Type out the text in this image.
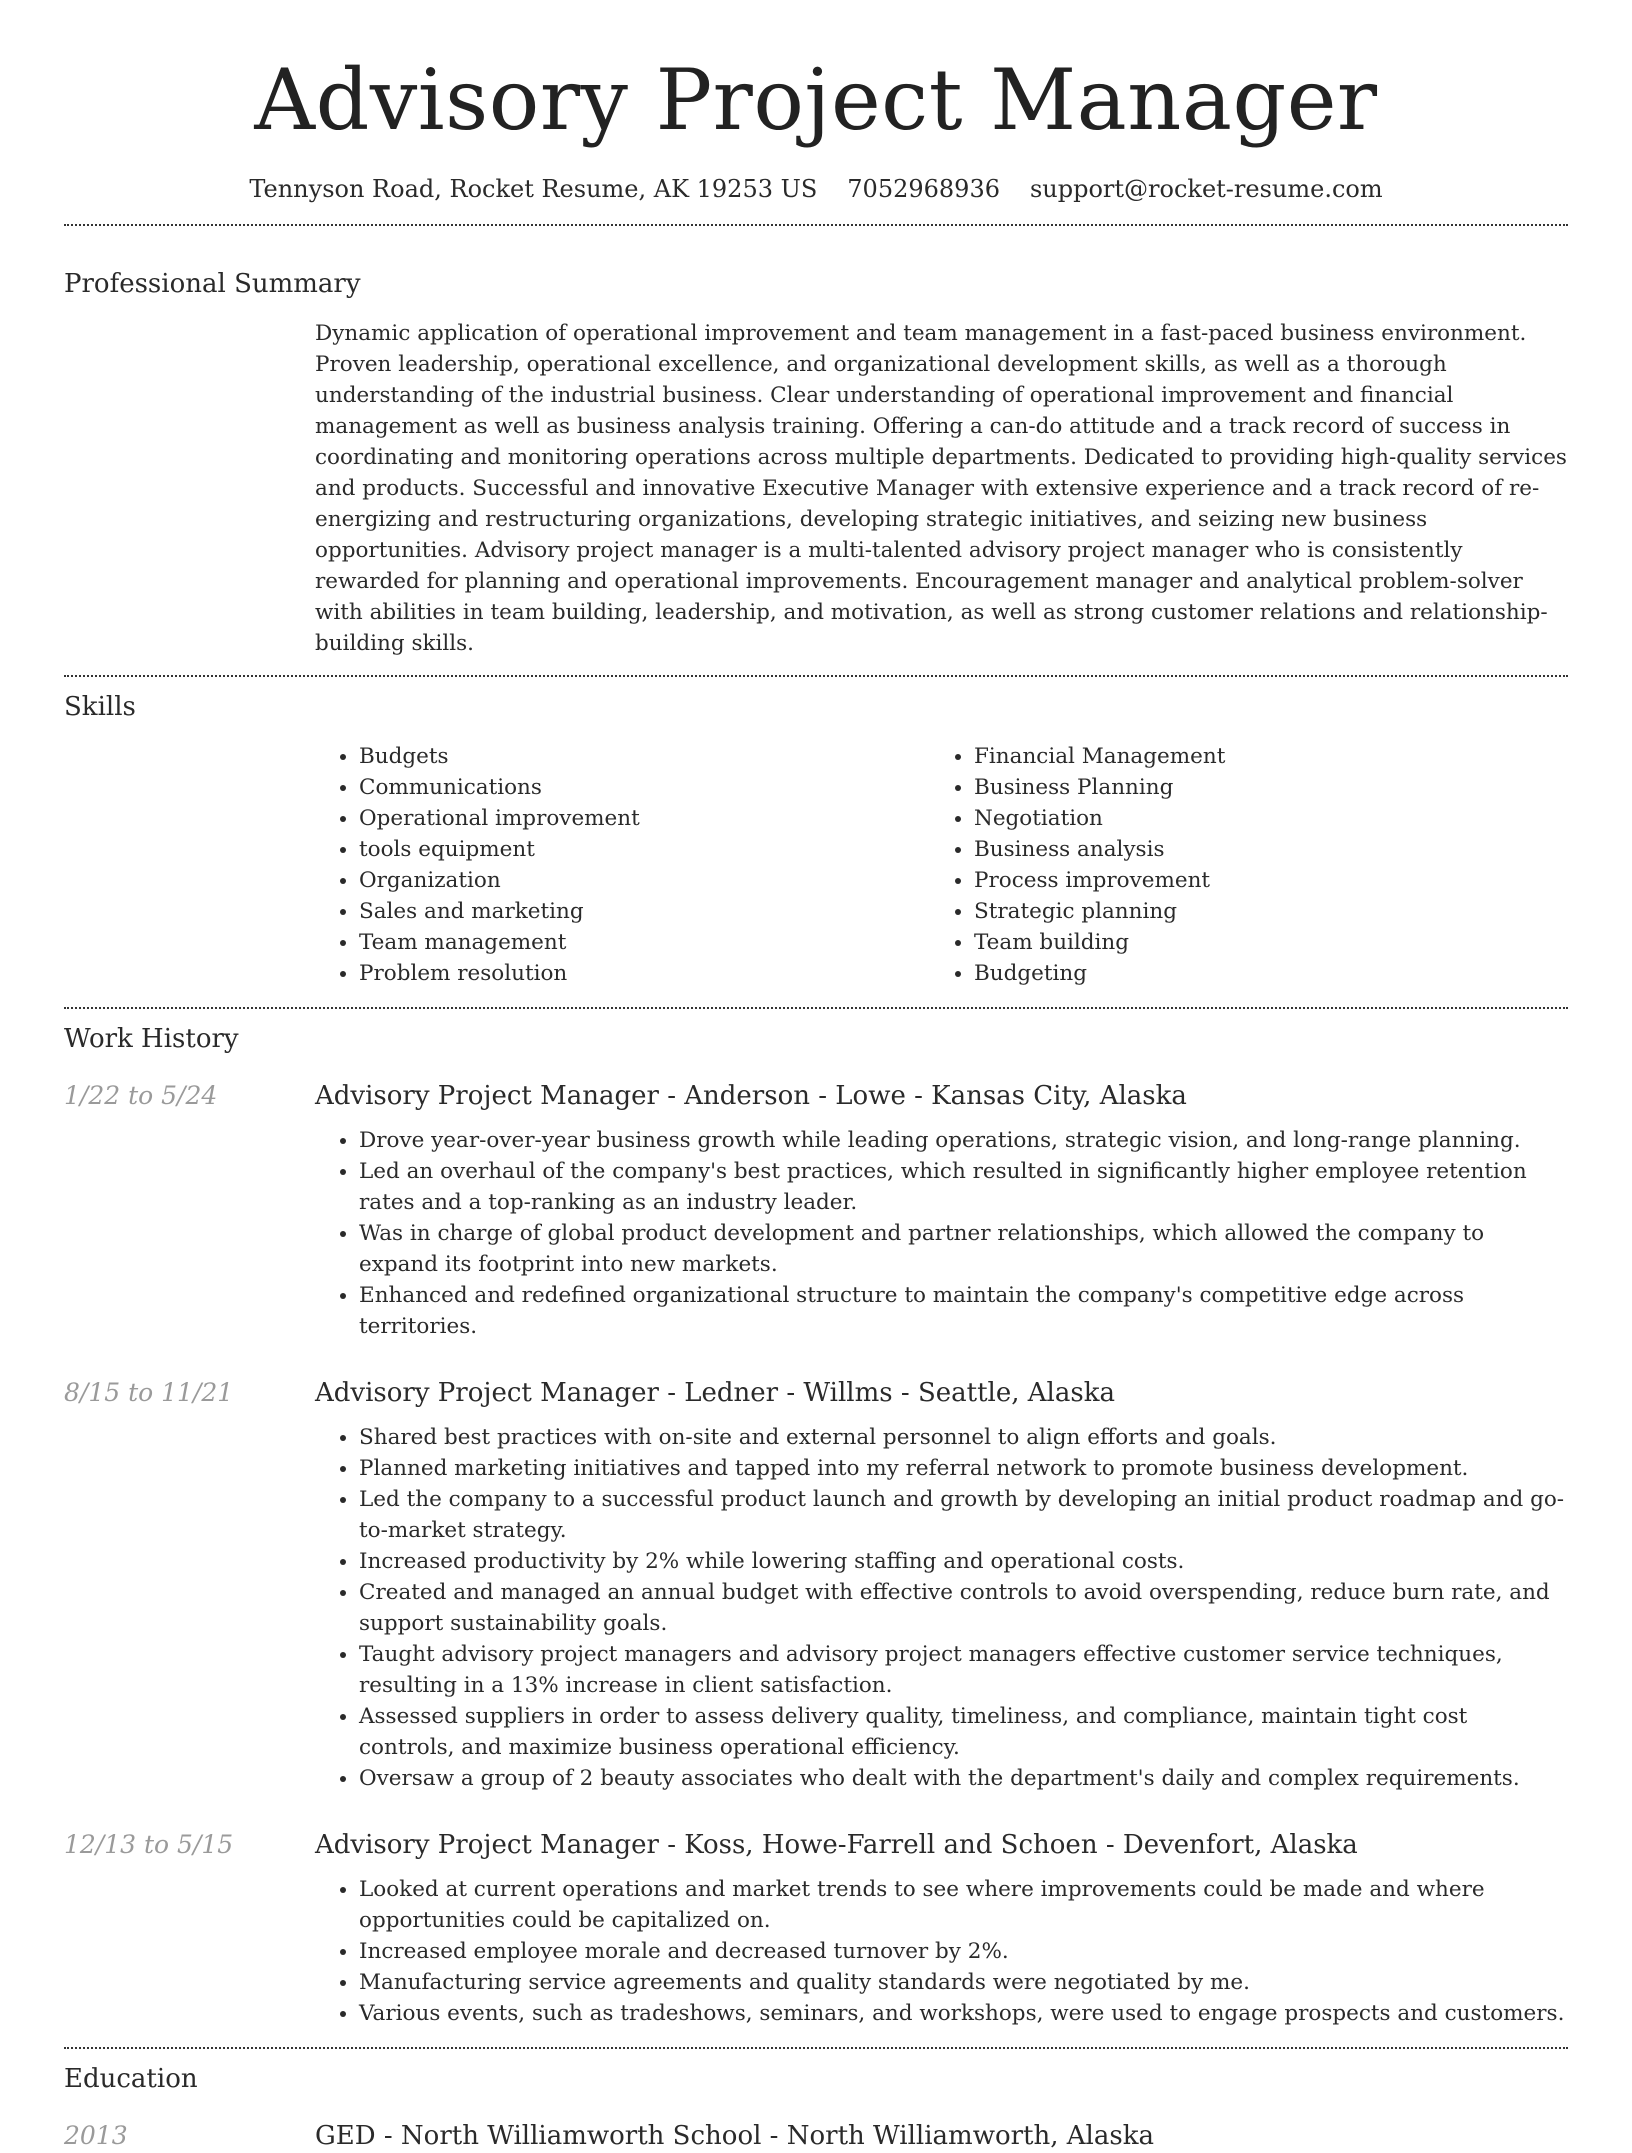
Advisory Project Manager
Tennyson Road, Rocket Resume, AK 19253 US 7052968936 support@rocket-resume.com
Professional Summary

Dynamic application of operational improvement and team management in a fast-paced business environment. Proven leadership, operational excellence, and organizational development skills, as well as a thorough understanding of the industrial business. Clear understanding of operational improvement and financial management as well as business analysis training. Offering a can-do attitude and a track record of success in coordinating and monitoring operations across multiple departments. Dedicated to providing high-quality services and products. Successful and innovative Executive Manager with extensive experience and a track record of re-energizing and restructuring organizations, developing strategic initiatives, and seizing new business opportunities. Advisory project manager is a multi-talented advisory project manager who is consistently rewarded for planning and operational improvements. Encouragement manager and analytical problem-solver with abilities in team building, leadership, and motivation, as well as strong customer relations and relationship-building skills.

Skills
• Budgets
• Communications
• Operational improvement
• tools equipment
• Organization
• Sales and marketing
• Team management
• Problem resolution
• Financial Management
• Business Planning
• Negotiation
• Business analysis
• Process improvement
• Strategic planning
• Team building
• Budgeting
Work History
1/22 to 5/24	Advisory Project Manager - Anderson - Lowe - Kansas City, Alaska
• Drove year-over-year business growth while leading operations, strategic vision, and long-range planning.
• Led an overhaul of the company's best practices, which resulted in significantly higher employee retention rates and a top-ranking as an industry leader.
• Was in charge of global product development and partner relationships, which allowed the company to expand its footprint into new markets.
• Enhanced and redefined organizational structure to maintain the company's competitive edge across territories.
8/15 to 11/21	Advisory Project Manager - Ledner - Willms - Seattle, Alaska
• Shared best practices with on-site and external personnel to align efforts and goals.
• Planned marketing initiatives and tapped into my referral network to promote business development.
• Led the company to a successful product launch and growth by developing an initial product roadmap and go-to-market strategy.
• Increased productivity by 2% while lowering staffing and operational costs.
• Created and managed an annual budget with effective controls to avoid overspending, reduce burn rate, and support sustainability goals.
• Taught advisory project managers and advisory project managers effective customer service techniques, resulting in a 13% increase in client satisfaction.
• Assessed suppliers in order to assess delivery quality, timeliness, and compliance, maintain tight cost controls, and maximize business operational efficiency.
• Oversaw a group of 2 beauty associates who dealt with the department's daily and complex requirements.
12/13 to 5/15	Advisory Project Manager - Koss, Howe-Farrell and Schoen - Devenfort, Alaska
• Looked at current operations and market trends to see where improvements could be made and where opportunities could be capitalized on.
• Increased employee morale and decreased turnover by 2%.
• Manufacturing service agreements and quality standards were negotiated by me.
• Various events, such as tradeshows, seminars, and workshops, were used to engage prospects and customers.
Education
2013	GED - North Williamworth School - North Williamworth, Alaska
